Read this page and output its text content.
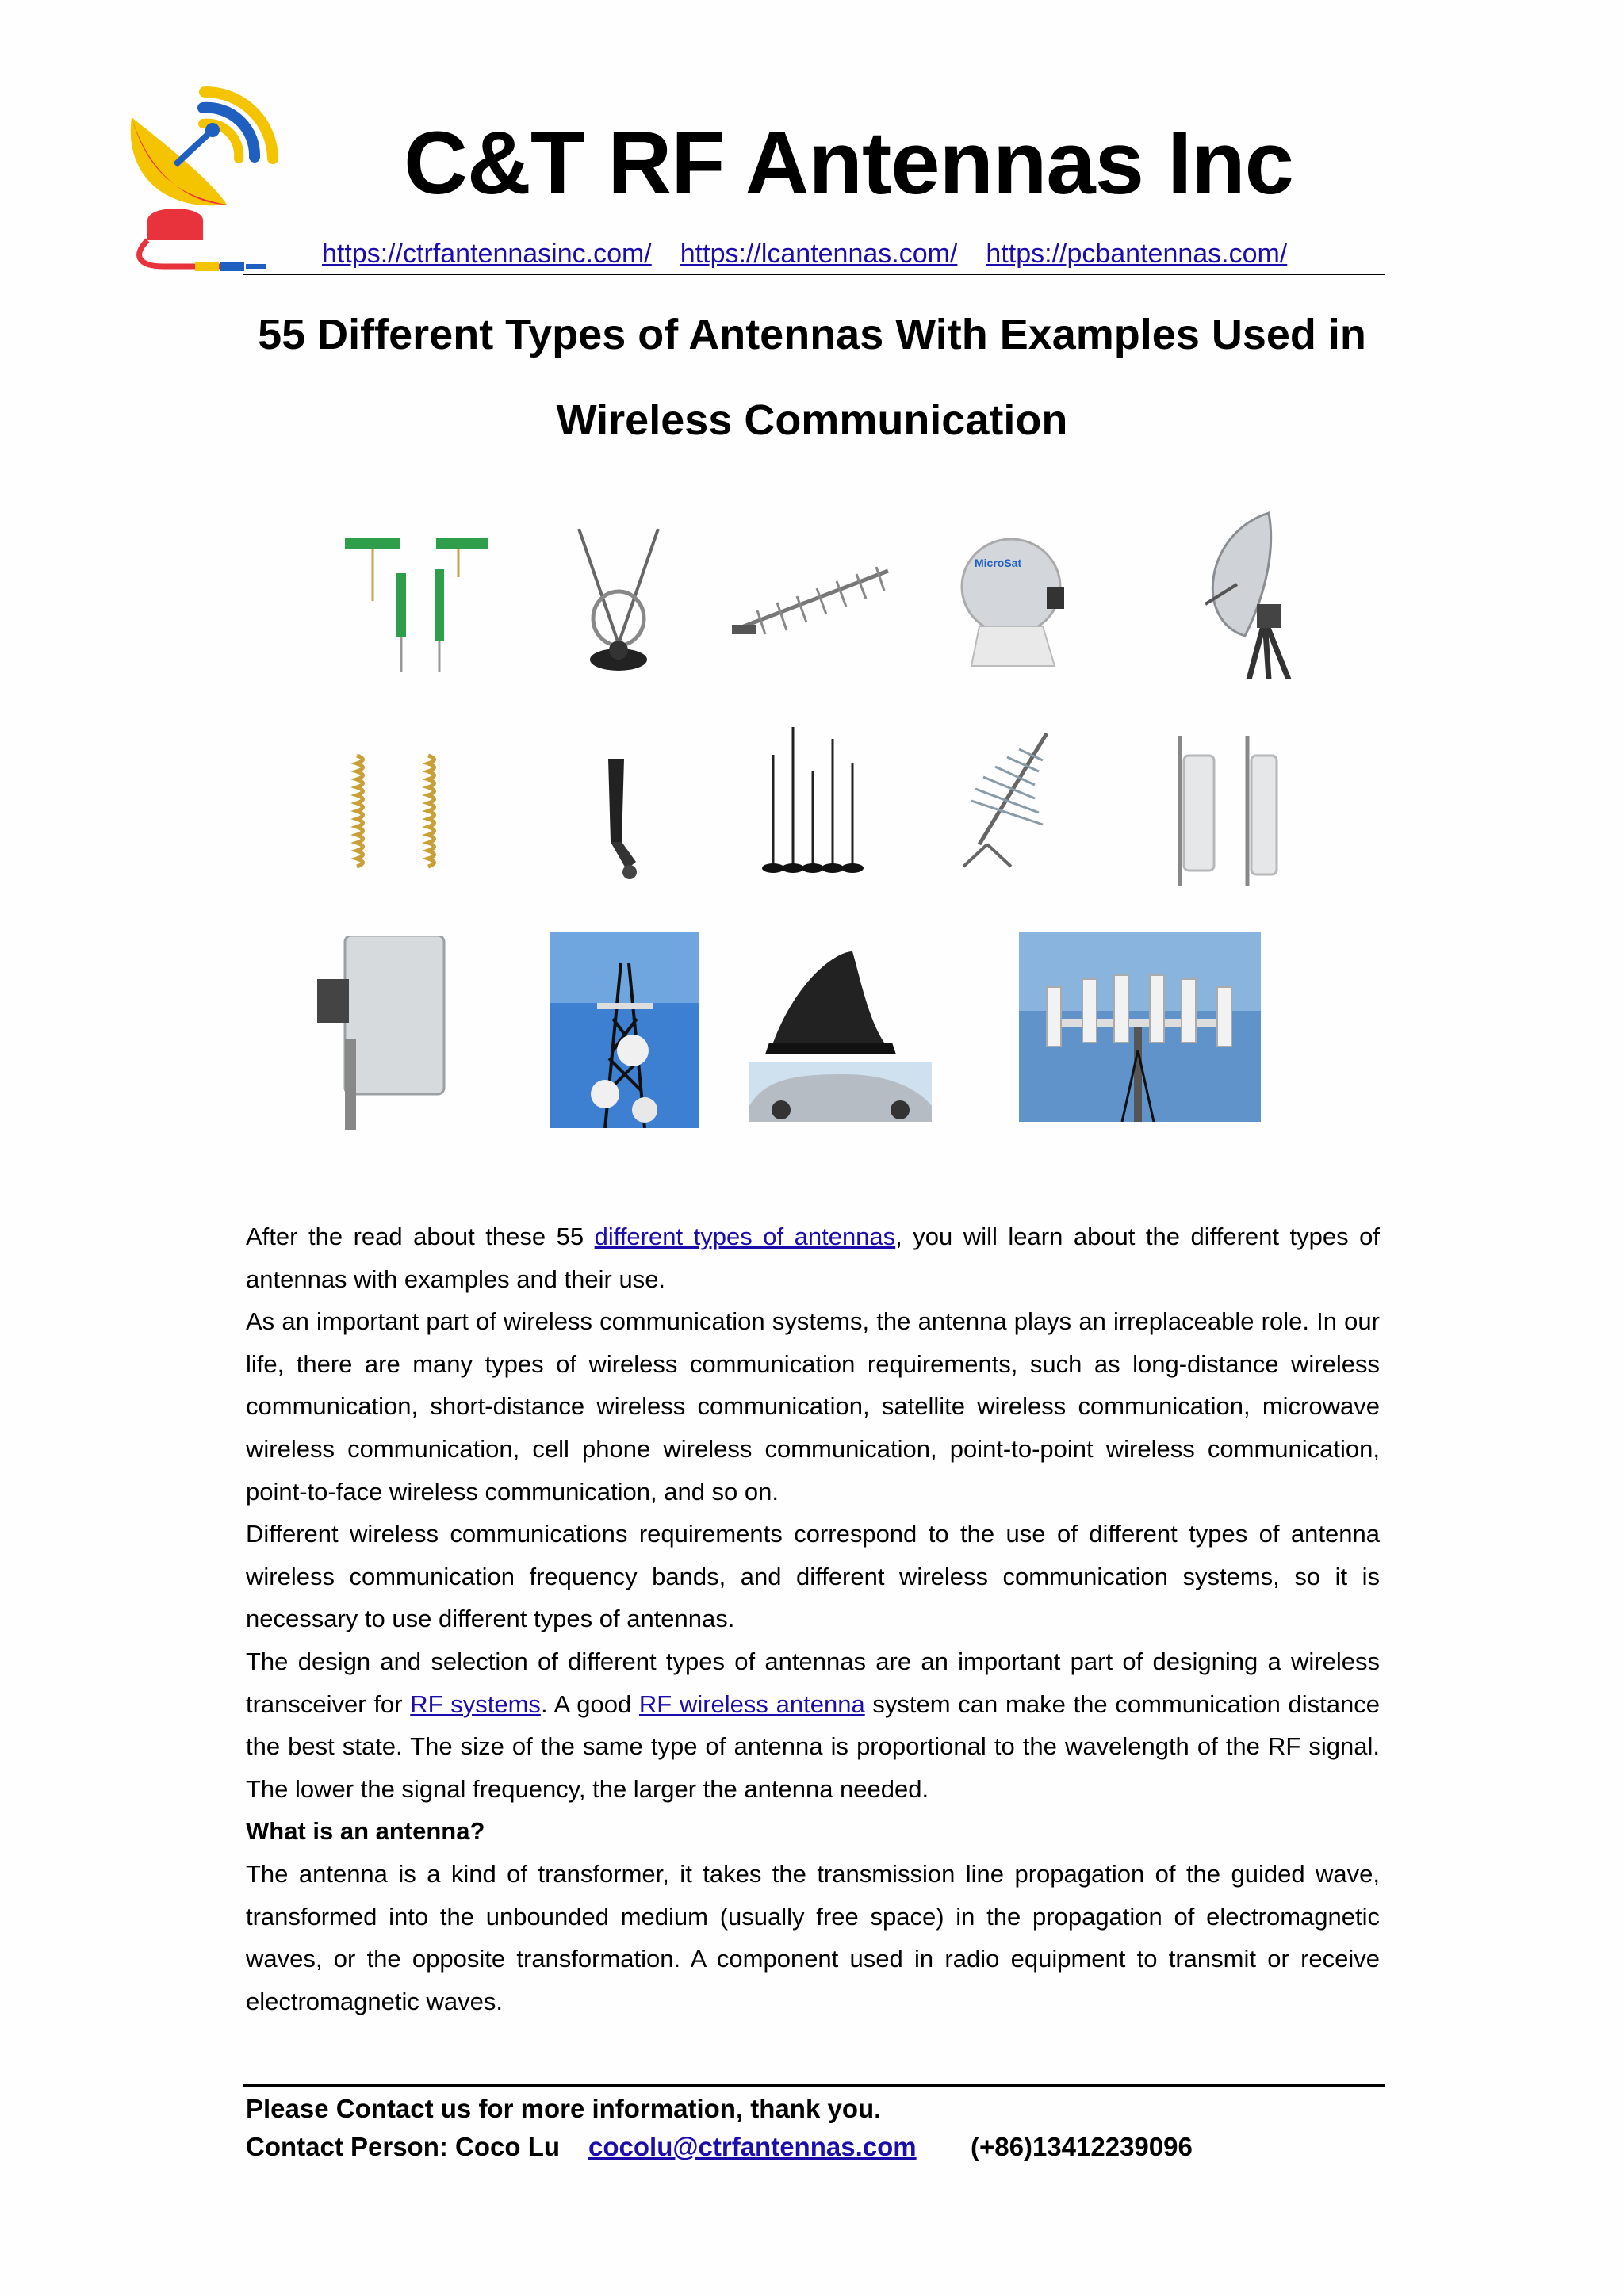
C&T RF Antennas Inc
https://ctrfantennasinc.com/ https://lcantennas.com/ https://pcbantennas.com/
55 Different Types of Antennas With Examples Used in
Wireless Communication
MicroSat

After the read about these 55 different types of antennas, you will learn about the different types of antennas with examples and their use.

As an important part of wireless communication systems, the antenna plays an irreplaceable role. In our life, there are many types of wireless communication requirements, such as long-distance wireless communication, short-distance wireless communication, satellite wireless communication, microwave wireless communication, cell phone wireless communication, point-to-point wireless communication, point-to-face wireless communication, and so on.

Different wireless communications requirements correspond to the use of different types of antenna wireless communication frequency bands, and different wireless communication systems, so it is necessary to use different types of antennas.

The design and selection of different types of antennas are an important part of designing a wireless transceiver for RF systems. A good RF wireless antenna system can make the communication distance the best state. The size of the same type of antenna is proportional to the wavelength of the RF signal. The lower the signal frequency, the larger the antenna needed.

What is an antenna?

The antenna is a kind of transformer, it takes the transmission line propagation of the guided wave, transformed into the unbounded medium (usually free space) in the propagation of electromagnetic waves, or the opposite transformation. A component used in radio equipment to transmit or receive electromagnetic waves.

Please Contact us for more information, thank you.
Contact Person: Coco Lu cocolu@ctrfantennas.com (+86)13412239096
